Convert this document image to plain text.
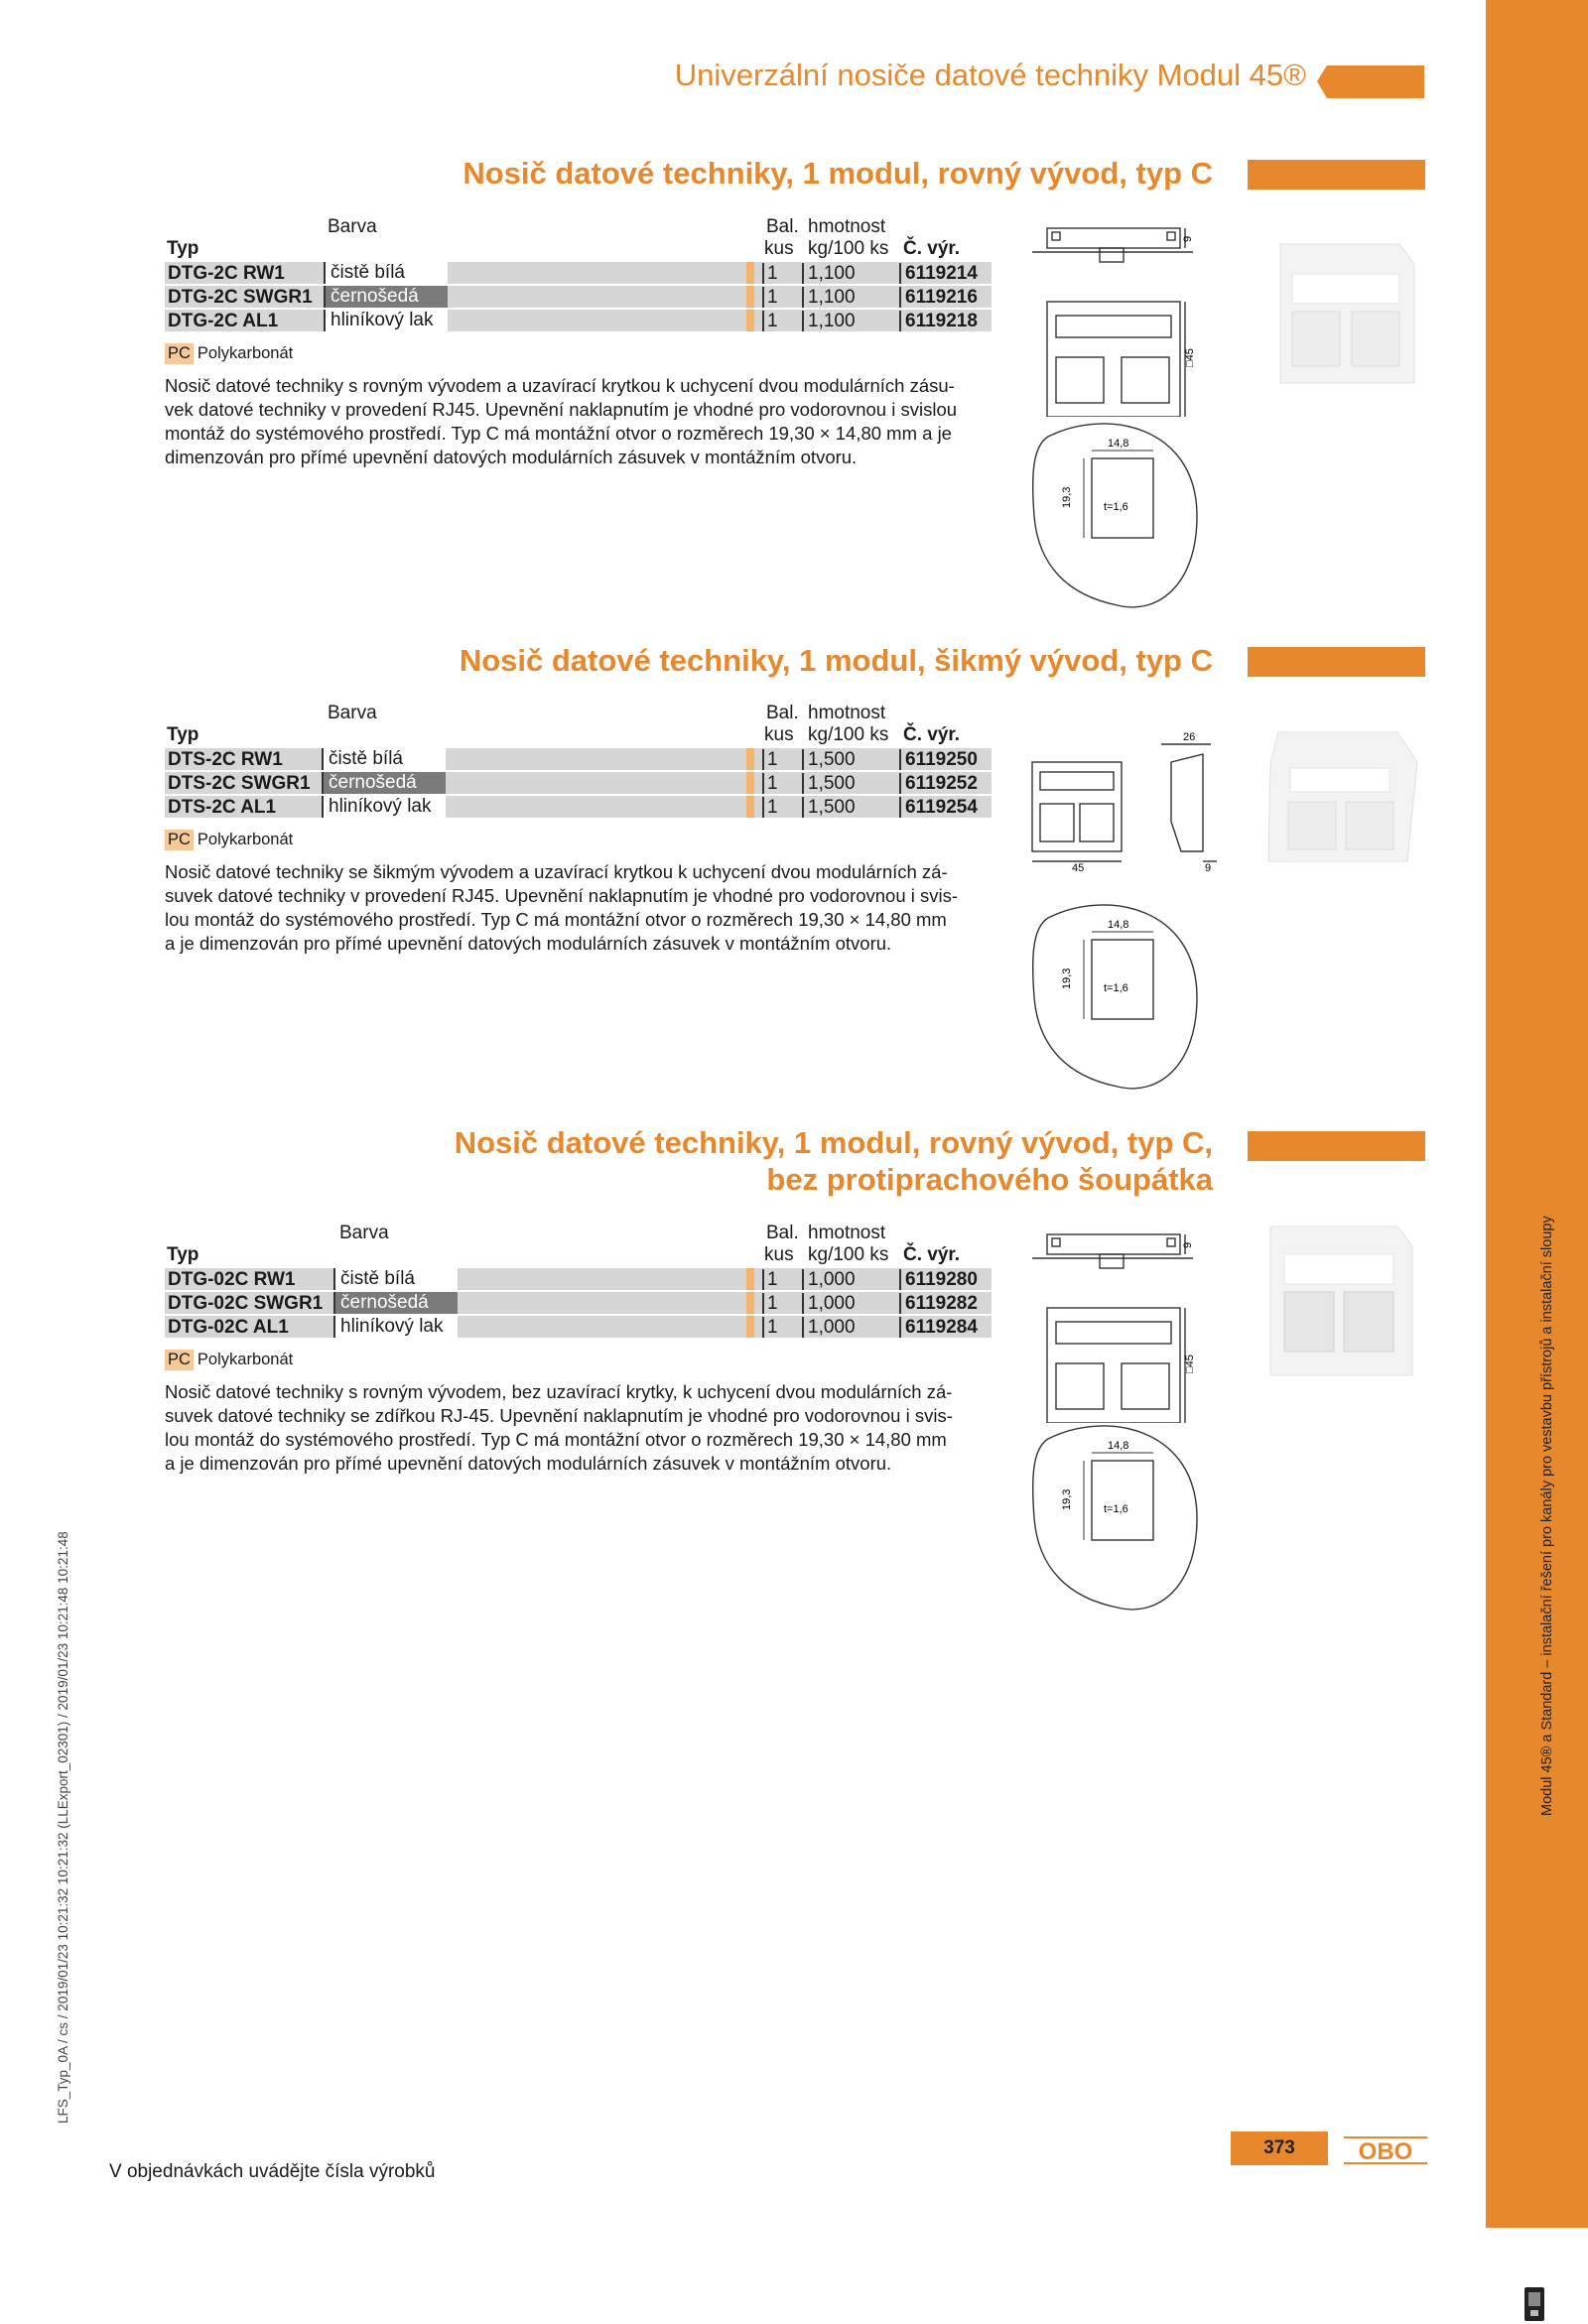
Modul 45® a Standard – instalační řešení pro kanály pro vestavbu přístrojů a instalační sloupy
Univerzální nosiče datové techniky Modul 45®
Nosič datové techniky, 1 modul, rovný vývod, typ C
Barva	Bal. hmotnost
Typ	kus kg/100 ks Č. výr.
DTG-2C RW1	čistě bílá	1	1,100	6119214
DTG-2C SWGR1 černošedá	1	1,100	6119216
DTG-2C AL1	hliníkový lak	1	1,100	6119218
PC Polykarbonát
Nosič datové techniky s rovným vývodem a uzavírací krytkou k uchycení dvou modulárních zásu-
vek datové techniky v provedení RJ45. Upevnění naklapnutím je vhodné pro vodorovnou i svislou
montáž do systémového prostředí. Typ C má montážní otvor o rozměrech 19,30 × 14,80 mm a je
dimenzován pro přímé upevnění datových modulárních zásuvek v montážním otvoru.
9
□45
14,8
19,3	t=1,6
Nosič datové techniky, 1 modul, šikmý vývod, typ C
Barva	Bal. hmotnost
Typ	kus kg/100 ks Č. výr.
DTS-2C RW1	čistě bílá	1	1,500	6119250
DTS-2C SWGR1 černošedá	1	1,500	6119252
DTS-2C AL1	hliníkový lak	1	1,500	6119254
PC Polykarbonát
Nosič datové techniky se šikmým vývodem a uzavírací krytkou k uchycení dvou modulárních zá-
suvek datové techniky v provedení RJ45. Upevnění naklapnutím je vhodné pro vodorovnou i svis-
lou montáž do systémového prostředí. Typ C má montážní otvor o rozměrech 19,30 × 14,80 mm
a je dimenzován pro přímé upevnění datových modulárních zásuvek v montážním otvoru.
26
45	9
14,8
19,3	t=1,6
Nosič datové techniky, 1 modul, rovný vývod, typ C,
bez protiprachového šoupátka
Barva	Bal. hmotnost
Typ	kus kg/100 ks Č. výr.
DTG-02C RW1	čistě bílá	1	1,000	6119280
DTG-02C SWGR1 černošedá	1	1,000	6119282
DTG-02C AL1	hliníkový lak	1	1,000	6119284
PC Polykarbonát
Nosič datové techniky s rovným vývodem, bez uzavírací krytky, k uchycení dvou modulárních zá-
suvek datové techniky se zdířkou RJ-45. Upevnění naklapnutím je vhodné pro vodorovnou i svis-
lou montáž do systémového prostředí. Typ C má montážní otvor o rozměrech 19,30 × 14,80 mm
a je dimenzován pro přímé upevnění datových modulárních zásuvek v montážním otvoru.
9
□45
14,8
19,3	t=1,6
V objednávkách uvádějte čísla výrobků
373	OBO
LFS_Typ_0A / cs / 2019/01/23 10:21:32 10:21:32 (LLExport_02301) / 2019/01/23 10:21:48 10:21:48
